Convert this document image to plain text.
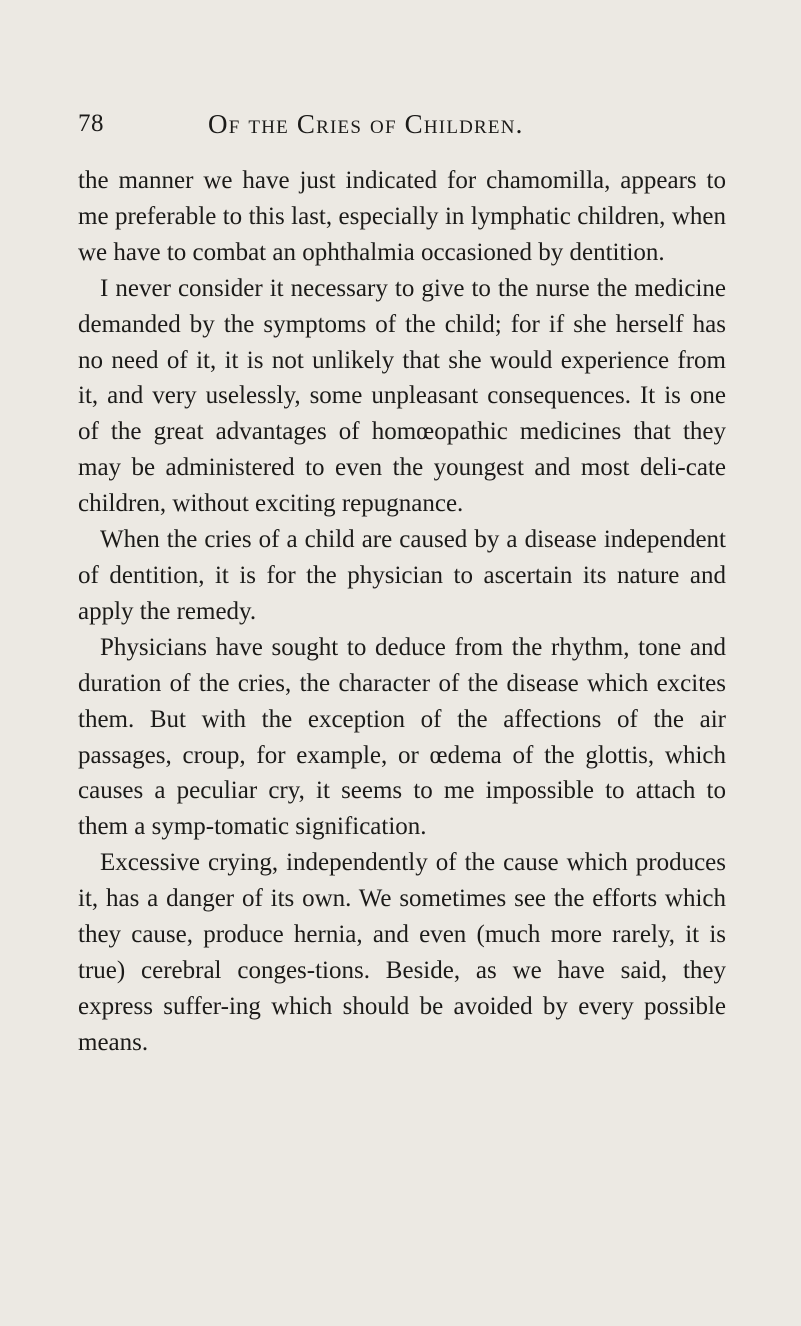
78	Of the Cries of Children.

the manner we have just indicated for chamomilla, appears to me preferable to this last, especially in lymphatic children, when we have to combat an ophthalmia occasioned by dentition.

I never consider it necessary to give to the nurse the medicine demanded by the symptoms of the child; for if she herself has no need of it, it is not unlikely that she would experience from it, and very uselessly, some unpleasant consequences. It is one of the great advantages of homœopathic medicines that they may be administered to even the youngest and most deli-cate children, without exciting repugnance.

When the cries of a child are caused by a disease independent of dentition, it is for the physician to ascertain its nature and apply the remedy.

Physicians have sought to deduce from the rhythm, tone and duration of the cries, the character of the disease which excites them. But with the exception of the affections of the air passages, croup, for example, or œdema of the glottis, which causes a peculiar cry, it seems to me impossible to attach to them a symp-tomatic signification.

Excessive crying, independently of the cause which produces it, has a danger of its own. We sometimes see the efforts which they cause, produce hernia, and even (much more rarely, it is true) cerebral conges-tions. Beside, as we have said, they express suffer-ing which should be avoided by every possible means.
